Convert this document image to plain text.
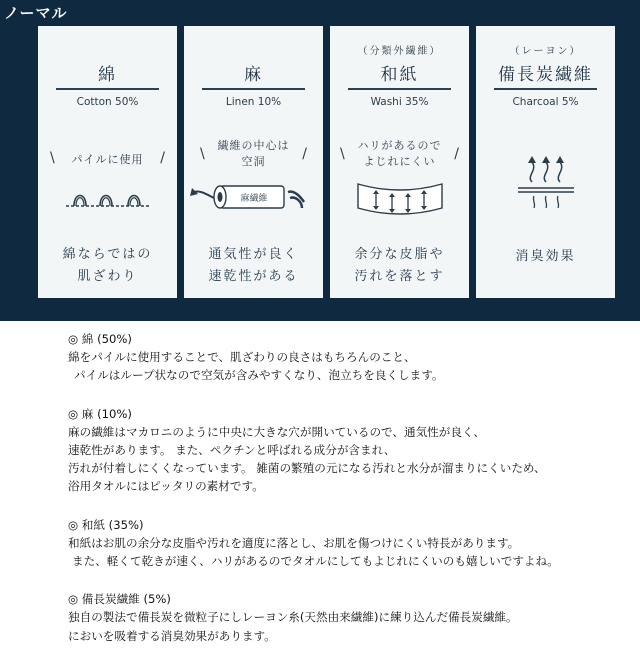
ノーマル
綿
Cotton 50%
\	/
パイルに使用
綿ならではの
肌ざわり
麻
Linen 10%
\	/
繊維の中心は
空洞
麻繊維
通気性が良く
速乾性がある
（分類外繊維）
和紙
Washi 35%
\	/
ハリがあるので
よじれにくい
余分な皮脂や
汚れを落とす
（レーヨン）
備長炭繊維
Charcoal 5%
消臭効果
◎ 綿 (50%)
綿をパイルに使用することで、肌ざわりの良さはもちろんのこと、
パイルはループ状なので空気が含みやすくなり、泡立ちを良くします。
◎ 麻 (10%)
麻の繊維はマカロニのように中央に大きな穴が開いているので、通気性が良く、
速乾性があります。 また、ペクチンと呼ばれる成分が含まれ、
汚れが付着しにくくなっています。 雑菌の繁殖の元になる汚れと水分が溜まりにくいため、
浴用タオルにはピッタリの素材です。
◎ 和紙 (35%)
和紙はお肌の余分な皮脂や汚れを適度に落とし、お肌を傷つけにくい特長があります。
また、軽くて乾きが速く、ハリがあるのでタオルにしてもよじれにくいのも嬉しいですよね。
◎ 備長炭繊維 (5%)
独自の製法で備長炭を微粒子にしレーヨン糸(天然由来繊維)に練り込んだ備長炭繊維。
においを吸着する消臭効果があります。
